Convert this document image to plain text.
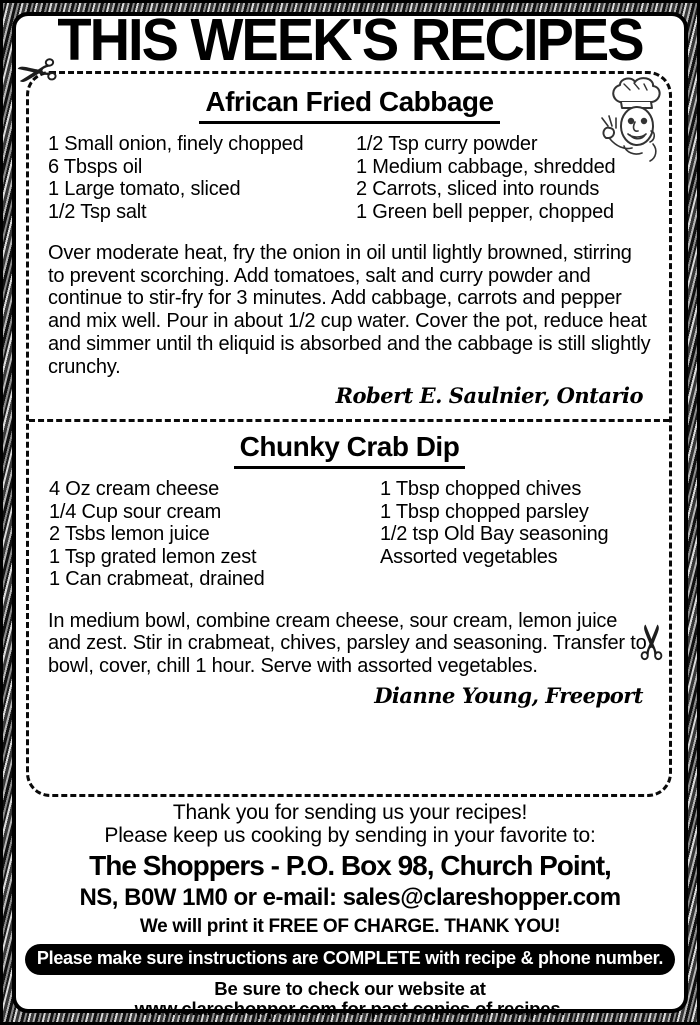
THIS WEEK'S RECIPES
✂
✂
African Fried Cabbage
1 Small onion, finely chopped
6 Tbsps oil
1 Large tomato, sliced
1/2 Tsp salt
1/2 Tsp curry powder
1 Medium cabbage, shredded
2 Carrots, sliced into rounds
1 Green bell pepper, chopped

Over moderate heat, fry the onion in oil until lightly browned, stirring to prevent scorching. Add tomatoes, salt and curry powder and continue to stir-fry for 3 minutes. Add cabbage, carrots and pepper and mix well. Pour in about 1/2 cup water. Cover the pot, reduce heat and simmer until th eliquid is absorbed and the cabbage is still slightly crunchy.

Robert E. Saulnier, Ontario
Chunky Crab Dip
4 Oz cream cheese
1/4 Cup sour cream
2 Tsbs lemon juice
1 Tsp grated lemon zest
1 Can crabmeat, drained
1 Tbsp chopped chives
1 Tbsp chopped parsley
1/2 tsp Old Bay seasoning
Assorted vegetables

In medium bowl, combine cream cheese, sour cream, lemon juice and zest. Stir in crabmeat, chives, parsley and seasoning. Transfer to bowl, cover, chill 1 hour. Serve with assorted vegetables.

Dianne Young, Freeport
Thank you for sending us your recipes!
Please keep us cooking by sending in your favorite to:
The Shoppers - P.O. Box 98, Church Point,
NS, B0W 1M0 or e-mail: sales@clareshopper.com
We will print it FREE OF CHARGE. THANK YOU!
Please make sure instructions are COMPLETE with recipe & phone number.
Be sure to check our website at
www.clareshopper.com for past copies of recipes.
